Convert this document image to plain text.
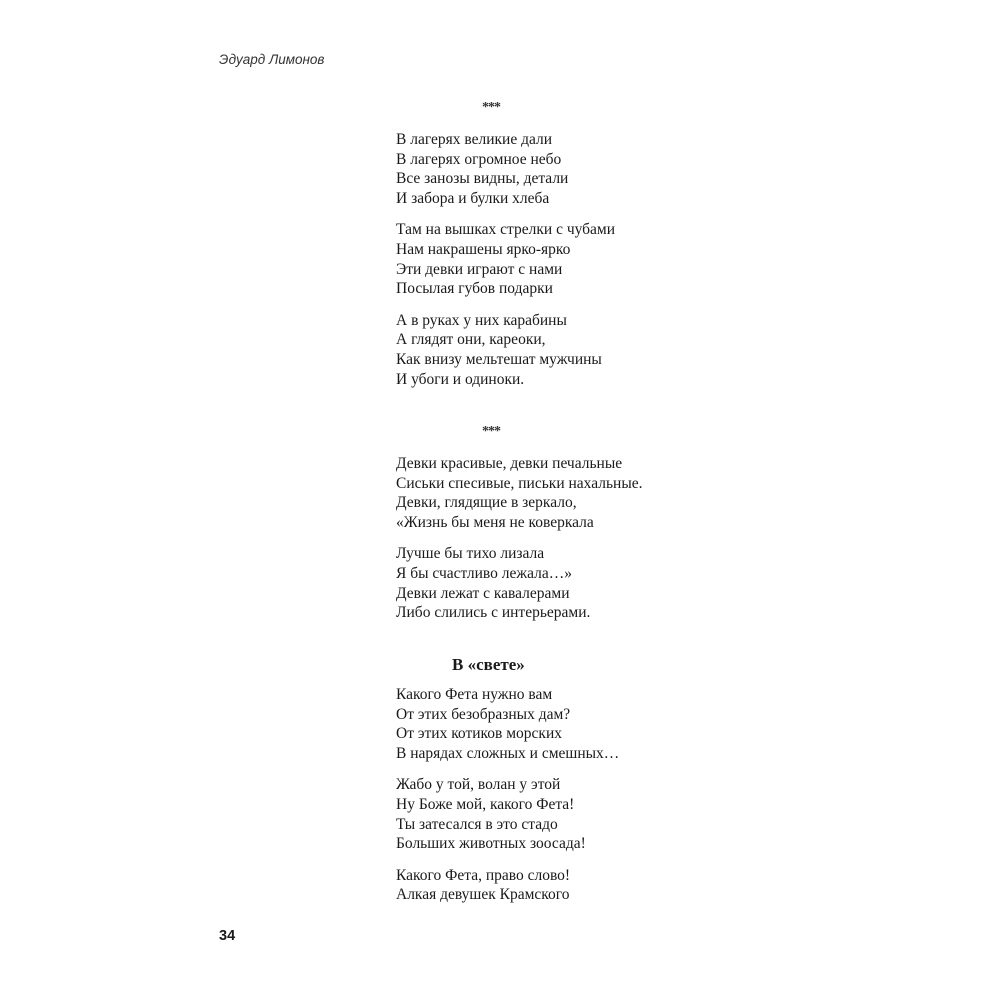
Эдуард Лимонов
***
В лагерях великие дали
В лагерях огромное небо
Все занозы видны, детали
И забора и булки хлеба
Там на вышках стрелки с чубами
Нам накрашены ярко-ярко
Эти девки играют с нами
Посылая губов подарки
А в руках у них карабины
А глядят они, кареоки,
Как внизу мельтешат мужчины
И убоги и одиноки.
***
Девки красивые, девки печальные
Сиськи спесивые, письки нахальные.
Девки, глядящие в зеркало,
«Жизнь бы меня не коверкала
Лучше бы тихо лизала
Я бы счастливо лежала…»
Девки лежат с кавалерами
Либо слились с интерьерами.
В «свете»
Какого Фета нужно вам
От этих безобразных дам?
От этих котиков морских
В нарядах сложных и смешных…
Жабо у той, волан у этой
Ну Боже мой, какого Фета!
Ты затесался в это стадо
Больших животных зоосада!
Какого Фета, право слово!
Алкая девушек Крамского
34
